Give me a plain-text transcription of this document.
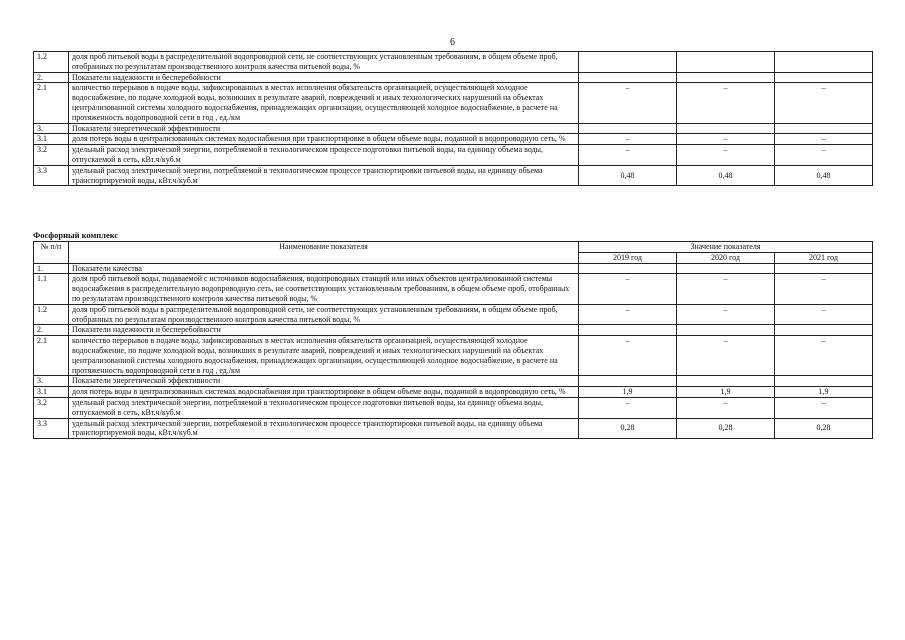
6
1.2	доля проб питьевой воды в распределительной водопроводной сети, не соответствующих установленным требованиям, в общем объеме проб, отобранных по результатам производственного контроля качества питьевой воды, %			
2.	Показатели надежности и бесперебойности			
2.1	количество перерывов в подаче воды, зафиксированных в местах исполнения обязательств организацией, осуществляющей холодное водоснабжение, по подаче холодной воды, возникших в результате аварий, повреждений и иных технологических нарушений на объектах централизованной системы холодного водоснабжения, принадлежащих организации, осуществляющей холодное водоснабжение, в расчете на протяженность водопроводной сети в год , ед./км	–	–	–
3.	Показатели энергетической эффективности			
3.1	доля потерь воды в централизованных системах водоснабжения при транспортировке в общем объеме воды, поданной в водопроводную сеть, %	–	–	–
3.2	удельный расход электрической энергии, потребляемой в технологическом процессе подготовки питьевой воды, на единицу объема воды, отпускаемой в сеть, кВт.ч/куб.м	–	–	–
3.3	удельный расход электрической энергии, потребляемой в технологическом процессе транспортировки питьевой воды, на единицу объема транспортируемой воды, кВт.ч/куб.м	0,48	0,48	0,48
Фосфорный комплекс
№ п/п	Наименование показателя	Значение показателя		
		2019 год	2020 год	2021 год
1.	Показатели качества			
1.1	доля проб питьевой воды, подаваемой с источников водоснабжения, водопроводных станций или иных объектов централизованной системы водоснабжения в распределительную водопроводную сеть, не соответствующих установленным требованиям, в общем объеме проб, отобранных по результатам производственного контроля качества питьевой воды, %	–	–	–
1.2	доля проб питьевой воды в распределительной водопроводной сети, не соответствующих установленным требованиям, в общем объеме проб, отобранных по результатам производственного контроля качества питьевой воды, %	–	–	–
2.	Показатели надежности и бесперебойности			
2.1	количество перерывов в подаче воды, зафиксированных в местах исполнения обязательств организацией, осуществляющей холодное водоснабжение, по подаче холодной воды, возникших в результате аварий, повреждений и иных технологических нарушений на объектах централизованной системы холодного водоснабжения, принадлежащих организации, осуществляющей холодное водоснабжение, в расчете на протяженность водопроводной сети в год , ед./км	–	–	–
3.	Показатели энергетической эффективности			
3.1	доля потерь воды в централизованных системах водоснабжения при транспортировке в общем объеме воды, поданной в водопроводную сеть, %	1,9	1,9	1,9
3.2	удельный расход электрической энергии, потребляемой в технологическом процессе подготовки питьевой воды, на единицу объема воды, отпускаемой в сеть, кВт.ч/куб.м	–	–	–
3.3	удельный расход электрической энергии, потребляемой в технологическом процессе транспортировки питьевой воды, на единицу объема транспортируемой воды, кВт.ч/куб.м	0,28	0,28	0,28
